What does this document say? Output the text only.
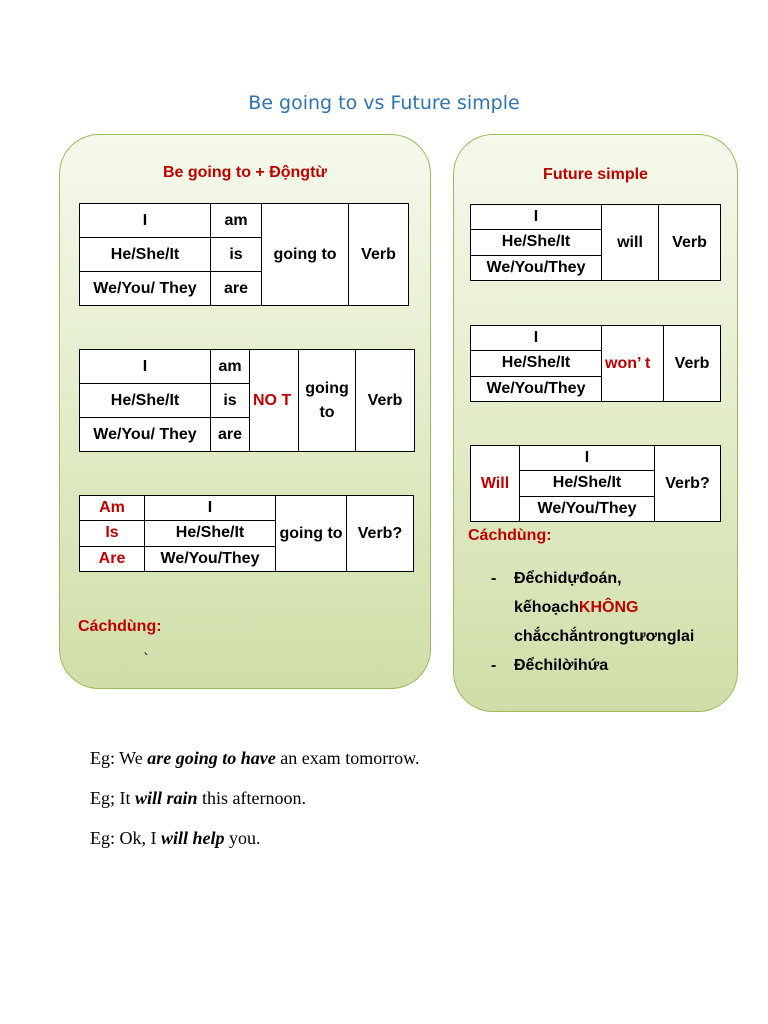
Be going to vs Future simple
Be going to + Độngtừ
I	am	going to	Verb
He/She/It	is		
We/You/ They	are		
I	am	NO T	going to	Verb
He/She/It	is			
We/You/ They	are			
Am	I	going to	Verb?
Is	He/She/It		
Are	We/You/They		
Cáchdùng:
`
Future simple
I	will	Verb
He/She/It
We/You/They
I	won’ t	Verb
He/She/It
We/You/They
Will	I	Verb?
He/She/It
We/You/They
Cáchdùng:
- Đểchidựđoán, kếhoạchKHÔNG chắcchắntrongtươnglai
- Đểchilờihứa
Eg: We are going to have an exam tomorrow.
Eg; It will rain this afternoon.
Eg: Ok, I will help you.
